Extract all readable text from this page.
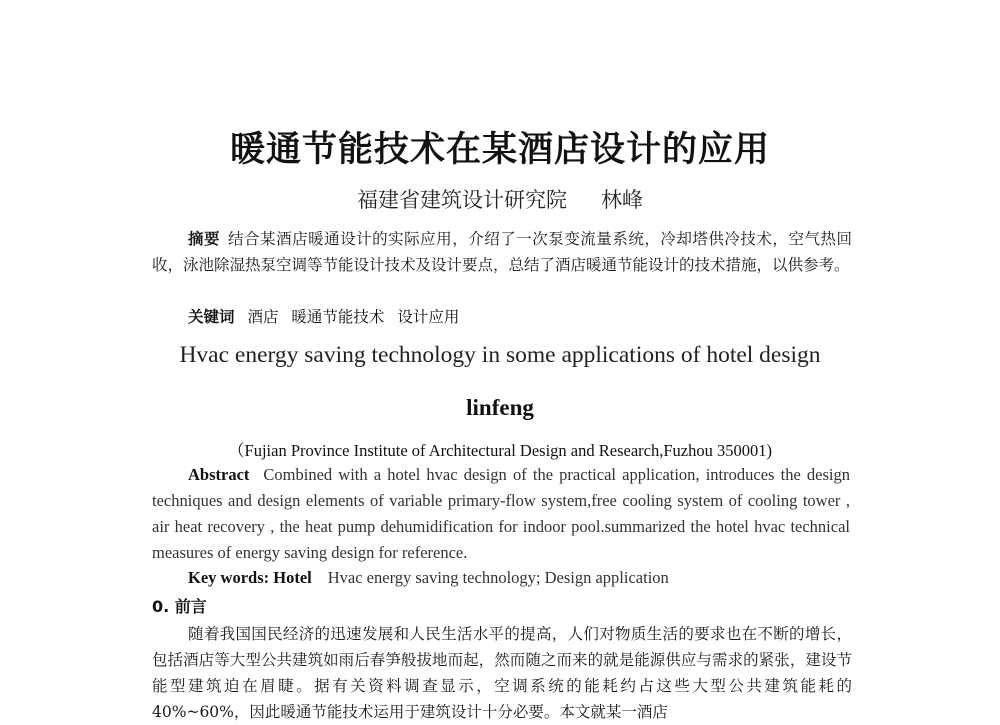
暖通节能技术在某酒店设计的应用
福建省建筑设计研究院 林峰
摘要 结合某酒店暖通设计的实际应用，介绍了一次泵变流量系统，冷却塔供冷技术，空气热回收，泳池除湿热泵空调等节能设计技术及设计要点，总结了酒店暖通节能设计的技术措施，以供参考。
关键词 酒店 暖通节能技术 设计应用
Hvac energy saving technology in some applications of hotel design
linfeng
（Fujian Province Institute of Architectural Design and Research,Fuzhou 350001)
Abstract Combined with a hotel hvac design of the practical application, introduces the design techniques and design elements of variable primary-flow system,free cooling system of cooling tower , air heat recovery , the heat pump dehumidification for indoor pool.summarized the hotel hvac technical measures of energy saving design for reference.
Key words: Hotel Hvac energy saving technology; Design application
0. 前言
随着我国国民经济的迅速发展和人民生活水平的提高，人们对物质生活的要求也在不断的增长，包括酒店等大型公共建筑如雨后春笋般拔地而起，然而随之而来的就是能源供应与需求的紧张，建设节能型建筑迫在眉睫。据有关资料调查显示，空调系统的能耗约占这些大型公共建筑能耗的 40%~60%，因此暖通节能技术运用于建筑设计十分必要。本文就某一酒店
